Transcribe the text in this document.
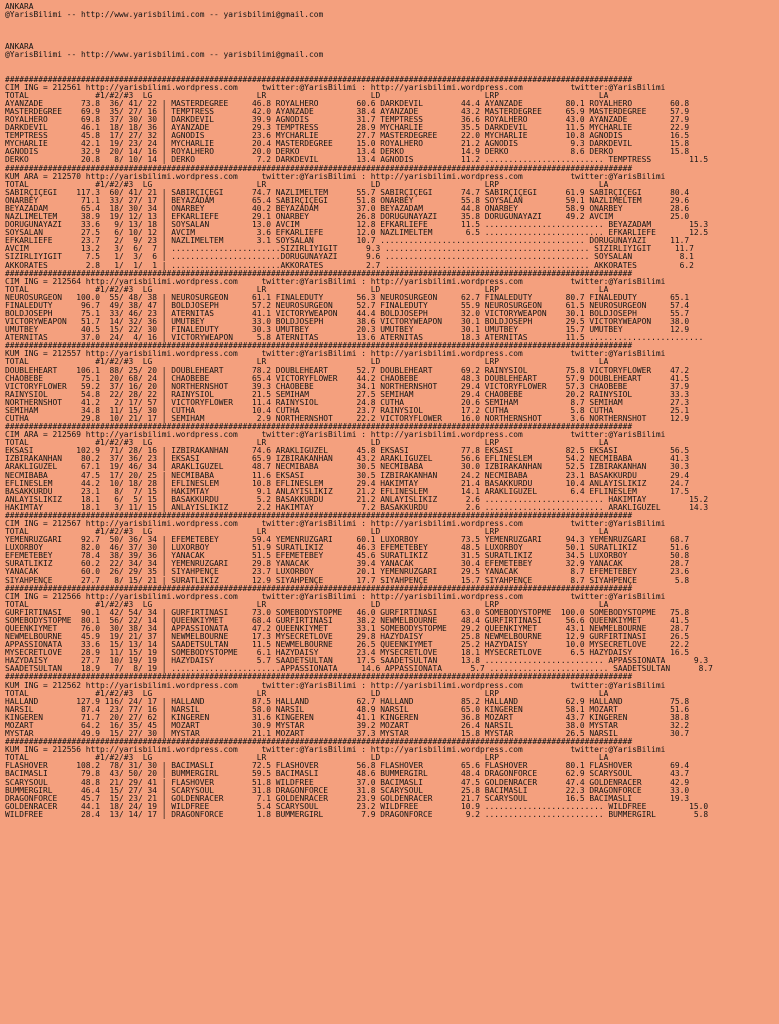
ANKARA
@YarisBilimi -- http://www.yarisbilimi.com -- yarisbilimi@gmail.com

ANKARA
@YarisBilimi -- http://www.yarisbilimi.com -- yarisbilimi@gmail.com

####################################################################################################################################
CIM ING = 212561 http://yarisbilimi.wordpress.com     twitter:@YarisBilimi : http://yarisbilimi.wordpress.com          twitter:@YarisBilimi
TOTAL              #1/#2/#3  LG                      LR                      LD                      LRP                     LA
AYANZADE        73.8  36/ 41/ 22 | MASTERDEGREE     46.8 ROYALHERO        60.6 DARKDEVIL        44.4 AYANZADE         80.1 ROYALHERO        60.8
MASTERDEGREE    69.9  35/ 27/ 16 | TEMPTRESS        42.0 AYANZADE         38.4 AYANZADE         43.2 MASTERDEGREE     65.9 MASTERDEGREE     57.9
ROYALHERO       69.8  37/ 30/ 30 | DARKDEVIL        39.9 AGNODIS          31.7 TEMPTRESS        36.6 ROYALHERO        43.0 AYANZADE         27.9
DARKDEVIL       46.1  18/ 18/ 36 | AYANZADE         29.3 TEMPTRESS        28.9 MYCHARLIE        35.5 DARKDEVIL        11.5 MYCHARLIE        22.9
TEMPTRESS       45.8  17/ 27/ 32 | AGNODIS          23.6 MYCHARLIE        27.7 MASTERDEGREE     22.0 MYCHARLIE        10.8 AGNODIS          16.5
MYCHARLIE       42.1  19/ 23/ 24 | MYCHARLIE        20.4 MASTERDEGREE     15.0 ROYALHERO        21.2 AGNODIS           9.3 DARKDEVIL        15.8
AGNODIS         32.9  20/ 14/ 16 | ROYALHERO        20.0 DERKO            13.4 DERKO            14.9 DERKO             8.6 DERKO            15.8
DERKO           20.8   8/ 10/ 14 | DERKO             7.2 DARKDEVIL        13.4 AGNODIS          11.2 ......................... TEMPTRESS        11.5
####################################################################################################################################
KUM ARA = 212570 http://yarisbilimi.wordpress.com     twitter:@YarisBilimi : http://yarisbilimi.wordpress.com          twitter:@YarisBilimi
TOTAL              #1/#2/#3  LG                      LR                      LD                      LRP                     LA
SABIRÇİÇEGI    117.3  60/ 41/ 21 | SABIRÇİÇEGI      74.7 NAZLIMELTEM      55.7 SABIRÇİÇEGI      74.7 SABIRÇİÇEGI      61.9 SABIRÇİÇEGI      80.4
ONARBEY         71.1  33/ 27/ 17 | BEYAZADAM        65.4 SABIRÇİÇEGI      51.8 ONARBEY          55.8 SOYSALAN         59.1 NAZLIMELTEM      29.6
BEYAZADAM       65.4  18/ 30/ 34 | ONARBEY          40.2 BEYAZADAM        37.0 BEYAZADAM        44.8 ONARBEY          58.9 ONARBEY          28.6
NAZLIMELTEM     38.9  19/ 12/ 13 | EFKARLIEFE       29.1 ONARBEY          26.8 DORUGUNAYAZI     35.8 DORUGUNAYAZI     49.2 AVCIM            25.0
DORUGUNAYAZI    33.6   9/ 13/ 18 | SOYSALAN         13.0 AVCIM            12.8 EFKARLIEFE       11.5 ......................... BEYAZADAM        15.3
SOYSALAN        27.5   6/ 10/ 12 | AVCIM             3.6 EFKARLIEFE       12.0 NAZLIMELTEM       6.5 ......................... EFKARLIEFE       12.5
EFKARLIEFE      23.7   2/  9/ 23 | NAZLIMELTEM       3.1 SOYSALAN         10.7 ........................................... DORUGUNAYAZI     11.7
AVCIM           13.2   3/  6/  7 | .......................SIZIRLIYIGIT      9.3 ........................................... SIZIRLIYIGIT     11.7
SIZIRLIYIGIT     7.5   1/  3/  6 | .......................DORUGUNAYAZI      9.6 ........................................... SOYSALAN          8.1
AKKORATES        2.8   1/  1/  1 | .......................AKKORATES         2.7 ........................................... AKKORATES         6.2
####################################################################################################################################
CIM ING = 212564 http://yarisbilimi.wordpress.com     twitter:@YarisBilimi : http://yarisbilimi.wordpress.com          twitter:@YarisBilimi
TOTAL              #1/#2/#3  LG                      LR                      LD                      LRP                     LA
NEUROSURGEON   100.0  55/ 48/ 38 | NEUROSURGEON     61.1 FINALEDUTY       56.3 NEUROSURGEON     62.7 FINALEDUTY       80.7 FINALEDUTY       65.1
FINALEDUTY      96.7  49/ 38/ 47 | BOLDJOSEPH       57.2 NEUROSURGEON     52.7 FINALEDUTY       55.9 NEUROSURGEON     61.5 NEUROSURGEON     57.4
BOLDJOSEPH      75.1  33/ 46/ 23 | ATERNITAS        41.1 VICTORYWEAPON    44.4 BOLDJOSEPH       32.0 VICTORYWEAPON    30.1 BOLDJOSEPH       55.7
VICTORYWEAPON   51.7  14/ 32/ 36 | UMUTBEY          33.0 BOLDJOSEPH       38.6 VICTORYWEAPON    30.1 BOLDJOSEPH       29.5 VICTORYWEAPON    38.0
UMUTBEY         40.5  15/ 22/ 30 | FINALEDUTY       30.3 UMUTBEY          20.3 UMUTBEY          30.1 UMUTBEY          15.7 UMUTBEY          12.9
ATERNITAS       37.0  24/  4/ 16 | VICTORYWEAPON     5.8 ATERNITAS        13.6 ATERNITAS        18.3 ATERNITAS        11.5 ........................
####################################################################################################################################
KUM ING = 212557 http://yarisbilimi.wordpress.com     twitter:@YarisBilimi : http://yarisbilimi.wordpress.com          twitter:@YarisBilimi
TOTAL              #1/#2/#3  LG                      LR                      LD                      LRP                     LA
DOUBLEHEART    106.1  88/ 25/ 20 | DOUBLEHEART      78.2 DOUBLEHEART      52.7 DOUBLEHEART      69.2 RAINYSIOL        75.8 VICTORYFLOWER    47.2
CHAOBEBE        75.1  20/ 68/ 24 | CHAOBEBE         65.4 VICTORYFLOWER    44.2 CHAOBEBE         48.3 DOUBLEHEART      57.9 DOUBLEHEART      41.5
VICTORYFLOWER   59.2  37/ 16/ 20 | NORTHERNSHOT     39.3 CHAOBEBE         34.1 NORTHERNSHOT     29.4 VICTORYFLOWER    57.3 CHAOBEBE         37.9
RAINYSIOL       54.8  22/ 28/ 22 | RAINYSIOL        21.5 SEMIHAM          27.5 SEMIHAM          29.4 CHAOBEBE         20.2 RAINYSIOL        33.3
NORTHERNSHOT    41.2   2/ 17/ 57 | VICTORYFLOWER    11.4 RAINYSIOL        24.8 CUTHA            20.6 SEMIHAM           8.7 SEMIHAM          27.3
SEMIHAM         34.8  11/ 15/ 30 | CUTHA            10.4 CUTHA            23.7 RAINYSIOL        17.2 CUTHA             5.8 CUTHA            25.1
CUTHA           29.8  10/ 21/ 17 | SEMIHAM           2.9 NORTHERNSHOT     22.2 VICTORYFLOWER    16.0 NORTHERNSHOT      3.6 NORTHERNSHOT     12.9
####################################################################################################################################
CIM ARA = 212569 http://yarisbilimi.wordpress.com     twitter:@YarisBilimi : http://yarisbilimi.wordpress.com          twitter:@YarisBilimi
TOTAL              #1/#2/#3  LG                      LR                      LD                      LRP                     LA
EKSASI         102.9  71/ 28/ 16 | IZBIRAKANHAN     74.6 ARAKLIGÜZEL      45.8 EKSASI           77.8 EKSASI           82.5 EKSASI           56.5
IZBIRAKANHAN    80.2  37/ 36/ 23 | EKSASI           65.9 IZBIRAKANHAN     43.2 ARAKLIGÜZEL      56.6 EFLINESLEM       54.2 NECMIBABA        41.3
ARAKLIGÜZEL     67.1  19/ 46/ 34 | ARAKLIGÜZEL      48.7 NECMIBABA        30.5 NECMIBABA        30.0 IZBIRAKANHAN     52.5 IZBIRAKANHAN     30.3
NECMIBABA       47.5  17/ 20/ 25 | NECMIBABA        11.6 EKSASI           30.5 IZBIRAKANHAN     24.2 NECMIBABA        23.1 BASAKKURDU       29.4
EFLINESLEM      44.2  10/ 18/ 28 | EFLINESLEM       10.8 EFLINESLEM       29.4 HAKIMTAY         21.4 BASAKKURDU       10.4 ANLAYISLIKIZ     24.7
BASAKKURDU      23.1   8/  7/ 15 | HAKIMTAY          9.1 ANLAYISLIKIZ     21.2 EFLINESLEM       14.1 ARAKLIGÜZEL       6.4 EFLINESLEM       17.5
ANLAYISLIKIZ    18.1   6/  5/ 15 | BASAKKURDU        5.2 BASAKKURDU       21.2 ANLAYISLIKIZ      2.6 ......................... HAKIMTAY         15.2
HAKIMTAY        18.1   3/ 11/ 15 | ANLAYISLIKIZ      2.2 HAKIMTAY          7.2 BASAKKURDU        2.6 ......................... ARAKLIGÜZEL      14.3
####################################################################################################################################
CIM ING = 212567 http://yarisbilimi.wordpress.com     twitter:@YarisBilimi : http://yarisbilimi.wordpress.com          twitter:@YarisBilimi
TOTAL              #1/#2/#3  LG                      LR                      LD                      LRP                     LA
YEMENRÜZGARI    92.7  50/ 36/ 34 | EFEMETEBEY       59.4 YEMENRÜZGARI     60.1 LUXORBOY         73.5 YEMENRÜZGARI     94.3 YEMENRÜZGARI     68.7
LUXORBOY        82.0  46/ 37/ 30 | LUXORBOY         51.9 SÜRATLIKIZ       46.3 EFEMETEBEY       48.5 LUXORBOY         50.1 SÜRATLIKIZ       51.6
EFEMETEBEY      78.4  38/ 39/ 36 | YANACAK          51.5 EFEMETEBEY       45.6 SÜRATLIKIZ       31.5 SÜRATLIKIZ       34.5 LUXORBOY         50.8
SÜRATLIKIZ      60.2  22/ 34/ 34 | YEMENRÜZGARI     29.8 YANACAK          39.4 YANACAK          30.4 EFEMETEBEY       32.9 YANACAK          28.7
YANACAK         60.0  26/ 29/ 35 | SIYAHPENÇE       23.7 LUXORBOY         20.1 YEMENRÜZGARI     29.5 YANACAK           8.7 EFEMETEBEY       23.6
SIYAHPENÇE      27.7   8/ 15/ 21 | SÜRATLIKIZ       12.9 SIYAHPENÇE       17.7 SIYAHPENÇE       15.7 SIYAHPENÇE        8.7 SIYAHPENÇE        5.8
####################################################################################################################################
CIM ING = 212566 http://yarisbilimi.wordpress.com     twitter:@YarisBilimi : http://yarisbilimi.wordpress.com          twitter:@YarisBilimi
TOTAL              #1/#2/#3  LG                      LR                      LD                      LRP                     LA
GÜRFIRTINASI    90.1  42/ 54/ 34 | GÜRFIRTINASI     73.0 SOMEBODYSTOPME   46.0 GÜRFIRTINASI     63.0 SOMEBODYSTOPME  100.0 SOMEBODYSTOPME   75.8
SOMEBODYSTOPME  80.1  56/ 22/ 14 | QUEENKIYMET      68.4 GÜRFIRTINASI     38.2 NEWMELBOURNE     48.4 GÜRFIRTINASI     56.6 QUEENKIYMET      41.5
QUEENKIYMET     76.0  30/ 38/ 34 | APPASSIONATA     47.2 QUEENKIYMET      33.1 SOMEBODYSTOPME   29.2 QUEENKIYMET      43.1 NEWMELBOURNE     28.7
NEWMELBOURNE    45.9  19/ 21/ 37 | NEWMELBOURNE     17.3 MYSECRETLOVE     29.8 HAZYDAISY        25.8 NEWMELBOURNE     12.9 GÜRFIRTINASI     26.5
APPASSIONATA    33.6  15/ 13/ 14 | SAADETSULTAN     11.5 NEWMELBOURNE     26.5 QUEENKIYMET      25.2 HAZYDAISY        10.0 MYSECRETLOVE     22.2
MYSECRETLOVE    28.9  11/ 15/ 19 | SOMEBODYSTOPME    6.1 HAZYDAISY        23.4 MYSECRETLOVE     18.1 MYSECRETLOVE      6.5 HAZYDAISY        16.5
HAZYDAISY       27.7  10/ 19/ 19 | HAZYDAISY         5.7 SAADETSULTAN     17.5 SAADETSULTAN     13.8 ......................... APPASSIONATA      9.3
SAADETSULTAN    18.9   7/  8/ 19 | .......................APPASSIONATA     14.6 APPASSIONATA      5.7 ......................... SAADETSULTAN      8.7
####################################################################################################################################
KUM ING = 212562 http://yarisbilimi.wordpress.com     twitter:@YarisBilimi : http://yarisbilimi.wordpress.com          twitter:@YarisBilimi
TOTAL              #1/#2/#3  LG                      LR                      LD                      LRP                     LA
HALLAND        127.9 116/ 24/ 17 | HALLAND          87.5 HALLAND          62.7 HALLAND          85.2 HALLAND          62.9 HALLAND          75.8
NARSIL          87.4  23/ 77/ 16 | NARSIL           58.0 NARSIL           48.9 NARSIL           65.0 KINGEREN         58.1 MOZART           51.6
KINGEREN        71.7  20/ 27/ 62 | KINGEREN         31.6 KINGEREN         41.1 KINGEREN         36.8 MOZART           43.7 KINGEREN         38.8
MOZART          64.2  16/ 35/ 45 | MOZART           30.9 MYSTAR           39.2 MOZART           26.4 NARSIL           38.0 MYSTAR           32.2
MYSTAR          49.9  15/ 27/ 30 | MYSTAR           21.1 MOZART           37.3 MYSTAR           15.8 MYSTAR           26.5 NARSIL           30.7
####################################################################################################################################
KUM ING = 212556 http://yarisbilimi.wordpress.com     twitter:@YarisBilimi : http://yarisbilimi.wordpress.com          twitter:@YarisBilimi
TOTAL              #1/#2/#3  LG                      LR                      LD                      LRP                     LA
FLASHOVER      108.2  78/ 31/ 30 | BACIMASLI        72.5 FLASHOVER        56.8 FLASHOVER        65.6 FLASHOVER        80.1 FLASHOVER        69.4
BACIMASLI       79.8  43/ 50/ 20 | BUMMERGIRL       59.5 BACIMASLI        48.6 BUMMERGIRL       48.4 DRAGONFORCE      62.9 SCARYSOUL        43.7
SCARYSOUL       48.8  21/ 29/ 41 | FLASHOVER        51.8 WILDFREE         37.0 BACIMASLI        47.5 GOLDENRACER      47.4 GOLDENRACER      42.9
BUMMERGIRL      46.4  15/ 27/ 34 | SCARYSOUL        31.8 DRAGONFORCE      31.8 SCARYSOUL        25.8 BACIMASLI        22.3 DRAGONFORCE      33.0
DRAGONFORCE     45.7  15/ 23/ 21 | GOLDENRACER       7.1 GOLDENRACER      23.9 GOLDENRACER      21.7 SCARYSOUL        16.5 BACIMASLI        19.3
GOLDENRACER     44.1  18/ 24/ 19 | WILDFREE          5.4 SCARYSOUL        23.2 WILDFREE         10.9 ......................... WILDFREE         15.0
WILDFREE        28.4  13/ 14/ 17 | DRAGONFORCE       1.8 BUMMERGIRL        7.9 DRAGONFORCE       9.2 ......................... BUMMERGIRL        5.8
